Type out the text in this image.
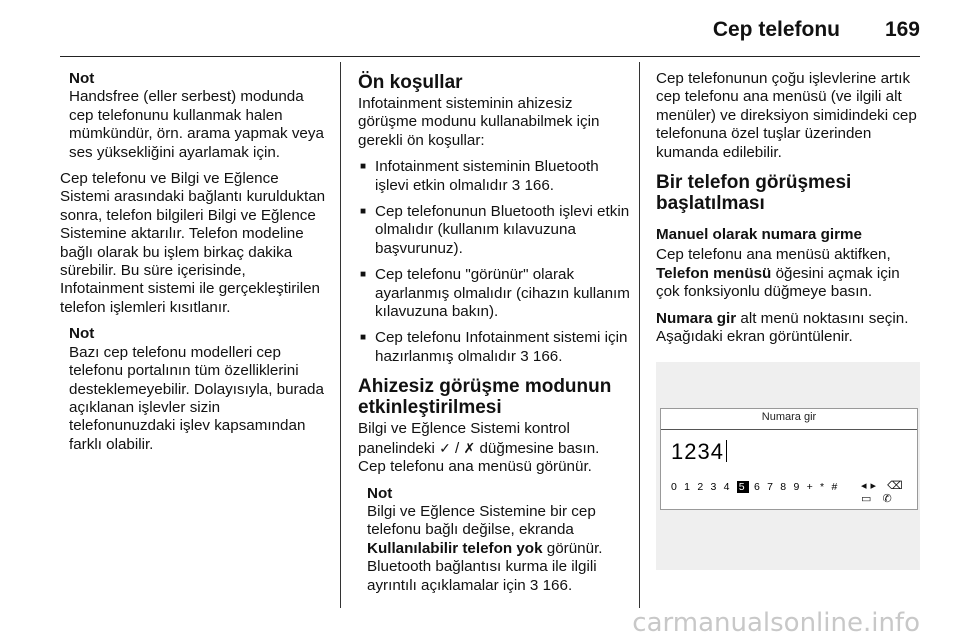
Cep telefonu 169
Not
Handsfree (eller serbest) modunda cep telefonunu kullanmak halen mümkündür, örn. arama yapmak veya ses yüksekliğini ayarlamak için.

Cep telefonu ve Bilgi ve Eğlence Sistemi arasındaki bağlantı kurulduktan sonra, telefon bilgileri Bilgi ve Eğlence Sistemine aktarılır. Telefon modeline bağlı olarak bu işlem birkaç dakika sürebilir. Bu süre içerisinde, Infotainment sistemi ile gerçekleştirilen telefon işlemleri kısıtlanır.

Not
Bazı cep telefonu modelleri cep telefonu portalının tüm özelliklerini desteklemeyebilir. Dolayısıyla, burada açıklanan işlevler sizin telefonunuzdaki işlev kapsamından farklı olabilir.
Ön koşullar

Infotainment sisteminin ahizesiz görüşme modunu kullanabilmek için gerekli ön koşullar:

■ Infotainment sisteminin Bluetooth işlevi etkin olmalıdır 3 166.
■ Cep telefonunun Bluetooth işlevi etkin olmalıdır (kullanım kılavuzuna başvurunuz).
■ Cep telefonu "görünür" olarak ayarlanmış olmalıdır (cihazın kullanım kılavuzuna bakın).
■ Cep telefonu Infotainment sistemi için hazırlanmış olmalıdır 3 166.
Ahizesiz görüşme modunun etkinleştirilmesi

Bilgi ve Eğlence Sistemi kontrol panelindeki ✓ / ✗ düğmesine basın. Cep telefonu ana menüsü görünür.

Not
Bilgi ve Eğlence Sistemine bir cep telefonu bağlı değilse, ekranda Kullanılabilir telefon yok görünür. Bluetooth bağlantısı kurma ile ilgili ayrıntılı açıklamalar için 3 166.

Cep telefonunun çoğu işlevlerine artık cep telefonu ana menüsü (ve ilgili alt menüler) ve direksiyon simidindeki cep telefonuna özel tuşlar üzerinden kumanda edilebilir.

Bir telefon görüşmesi başlatılması
Manuel olarak numara girme

Cep telefonu ana menüsü aktifken, Telefon menüsü öğesini açmak için çok fonksiyonlu düğmeye basın.

Numara gir alt menü noktasını seçin. Aşağıdaki ekran görüntülenir.

Numara gir
1234
0 1 2 3 4 5 6 7 8 9 + * # ◂▸ ⌫ ▭ ✆
carmanualsonline.info
